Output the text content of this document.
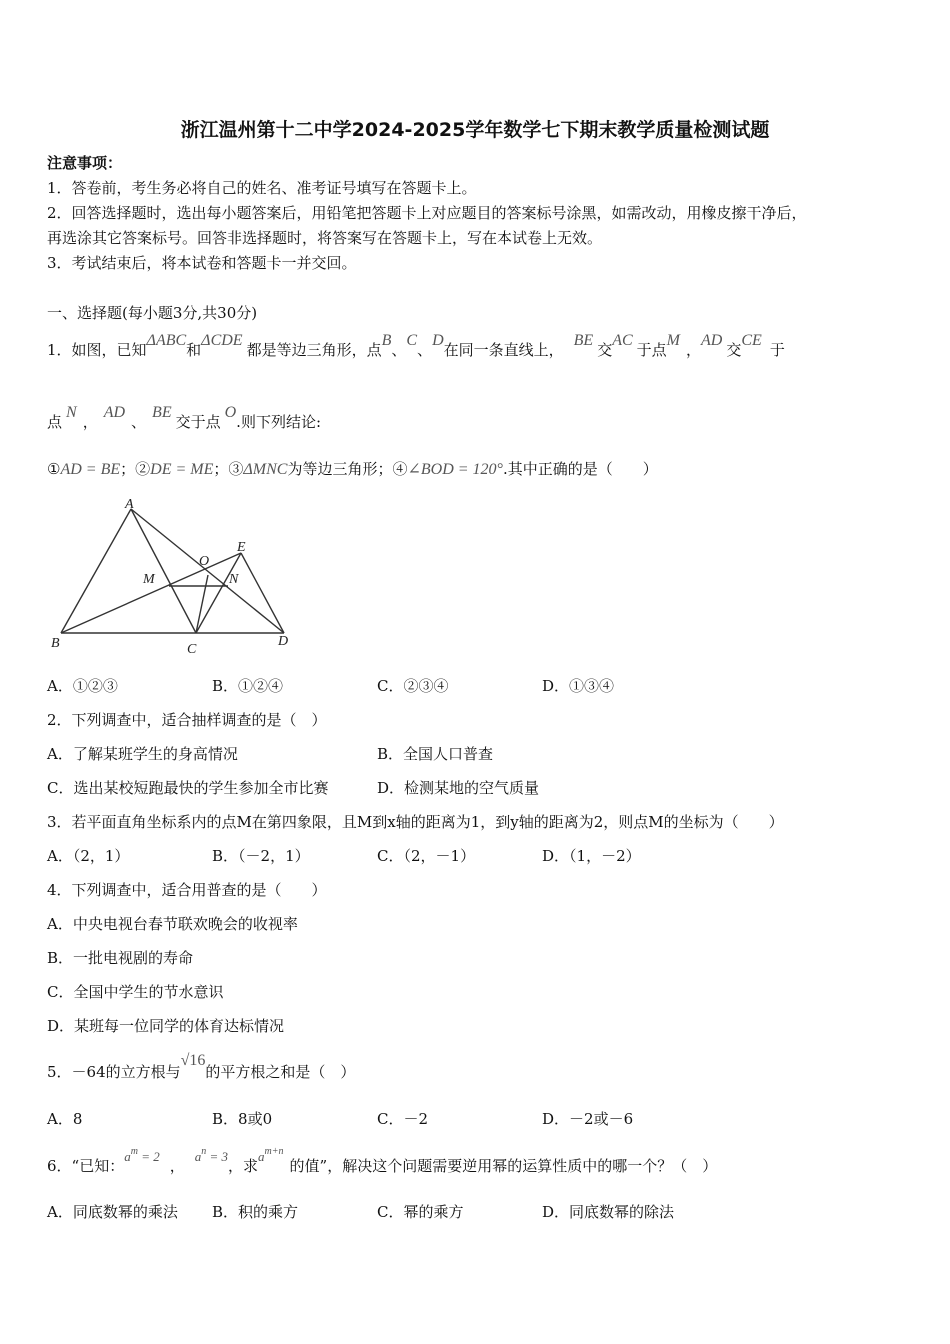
浙江温州第十二中学2024-2025学年数学七下期末教学质量检测试题
注意事项：
1．答卷前，考生务必将自己的姓名、准考证号填写在答题卡上。
2．回答选择题时，选出每小题答案后，用铅笔把答题卡上对应题目的答案标号涂黑，如需改动，用橡皮擦干净后，
再选涂其它答案标号。回答非选择题时，将答案写在答题卡上，写在本试卷上无效。
3．考试结束后，将本试卷和答题卡一并交回。
一、选择题(每小题3分,共30分)
1．如图，已知ΔABC和ΔCDE都是等边三角形，点B、C、D在同一条直线上，BE交AC于点M，AD交CE于
点N，AD、BE交于点O.则下列结论:
①AD = BE；②DE = ME；③ΔMNC为等边三角形；④∠BOD = 120°.其中正确的是（　　）
A
B	C
D
E
M	N
O
A．①②③	B．①②④	C．②③④	D．①③④
2．下列调查中，适合抽样调查的是（　）
A．了解某班学生的身高情况	B．全国人口普查
C．选出某校短跑最快的学生参加全市比赛	D．检测某地的空气质量
3．若平面直角坐标系内的点M在第四象限，且M到x轴的距离为1，到y轴的距离为2，则点M的坐标为（　　）
A．（2，1）	B．（－2，1）	C．（2，－1）	D．（1，－2）
4．下列调查中，适合用普查的是（　　）
A．中央电视台春节联欢晚会的收视率
B．一批电视剧的寿命
C．全国中学生的节水意识
D．某班每一位同学的体育达标情况
5．－64的立方根与√16的平方根之和是（　）
A．8	B．8或0	C．－2	D．－2或－6
6．“已知：$a^m = 2$，$a^n = 3$，求$a^{m+n}$的值”，解决这个问题需要逆用幂的运算性质中的哪一个？（　）
A．同底数幂的乘法 B．积的乘方	C．幂的乘方	D．同底数幂的除法
